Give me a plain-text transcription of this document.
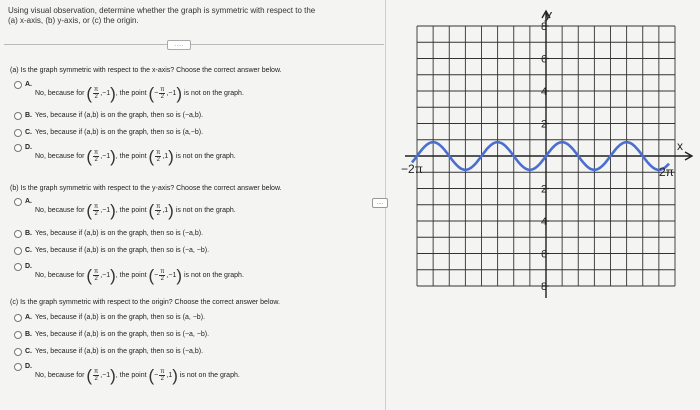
Using visual observation, determine whether the graph is symmetric with respect to the
(a) x-axis, (b) y-axis, or (c) the origin.
.....
....
(a) Is the graph symmetric with respect to the x-axis? Choose the correct answer below.
A.
No, because for
( $\frac{\pi}{2} ,-1$ ) , the point
( − $\frac{\pi}{2} ,-1$ )
is not on the graph.
B. Yes, because if (a,b) is on the graph, then so is (−a,b).
C. Yes, because if (a,b) is on the graph, then so is (a,−b).
D.
No, because for
( $\frac{\pi}{2} ,-1$ ) , the point
( $\frac{\pi}{2} ,1$ )
is not on the graph.
(b) Is the graph symmetric with respect to the y-axis? Choose the correct answer below.
A.
No, because for
( $\frac{\pi}{2} ,-1$ ) , the point
( $\frac{\pi}{2} ,1$ )
is not on the graph.
B. Yes, because if (a,b) is on the graph, then so is (−a,b).
C. Yes, because if (a,b) is on the graph, then so is (−a, −b).
D.
No, because for
( $\frac{\pi}{2} ,-1$ ) , the point
( − $\frac{\pi}{2} ,-1$ )
is not on the graph.
(c) Is the graph symmetric with respect to the origin? Choose the correct answer below.
A. Yes, because if (a,b) is on the graph, then so is (a, −b).
B. Yes, because if (a,b) is on the graph, then so is (−a, −b).
C. Yes, because if (a,b) is on the graph, then so is (−a,b).
D.
No, because for
( $\frac{\pi}{2} ,-1$ ) , the point
( − $\frac{\pi}{2} ,1$ )
is not on the graph.
y
x
−2π	2π
8
6
4
2
2
4
6
8
